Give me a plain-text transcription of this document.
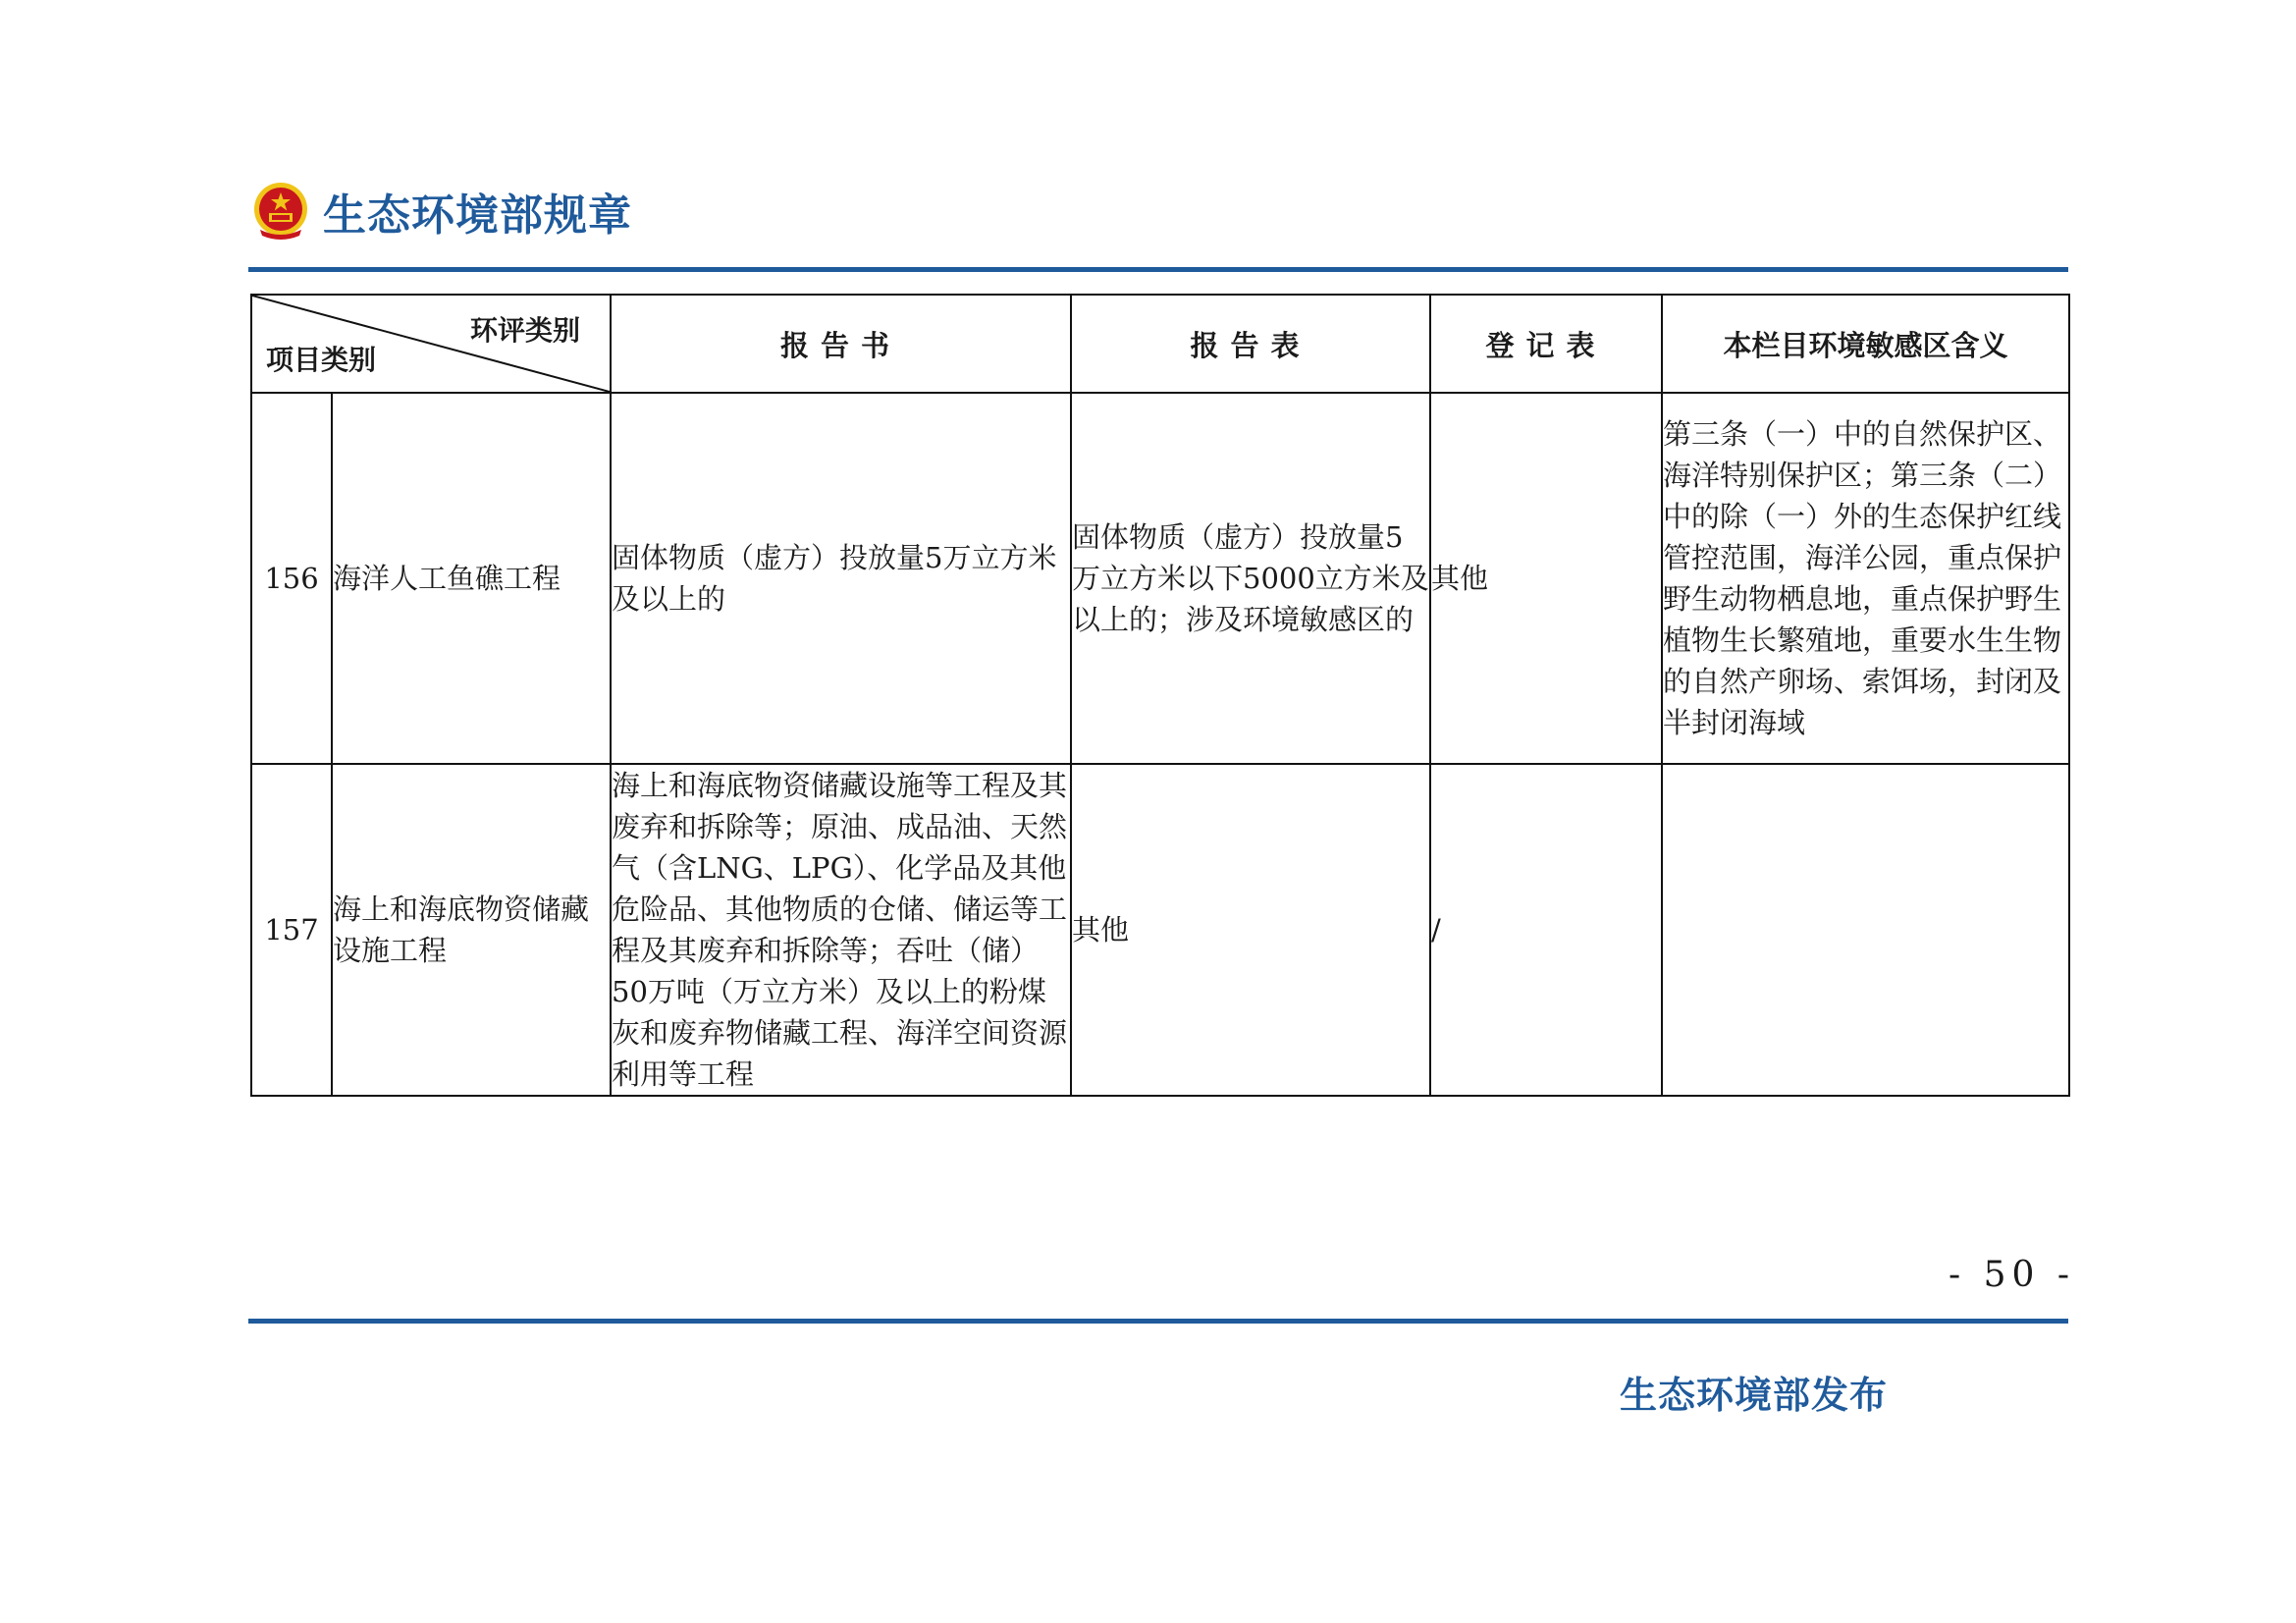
生态环境部规章
环评类别
项目类别		报告书	报告表	登记表	本栏目环境敏感区含义
156	海洋人工鱼礁工程	固体物质（虚方）投放量5万立方米及以上的	固体物质（虚方）投放量5万立方米以下5000立方米及以上的；涉及环境敏感区的	其他	第三条（一）中的自然保护区、海洋特别保护区；第三条（二）中的除（一）外的生态保护红线管控范围，海洋公园，重点保护野生动物栖息地，重点保护野生植物生长繁殖地，重要水生生物的自然产卵场、索饵场，封闭及半封闭海域
157	海上和海底物资储藏设施工程	海上和海底物资储藏设施等工程及其废弃和拆除等；原油、成品油、天然气（含LNG、LPG）、化学品及其他危险品、其他物质的仓储、储运等工程及其废弃和拆除等；吞吐（储）50万吨（万立方米）及以上的粉煤灰和废弃物储藏工程、海洋空间资源利用等工程	其他	/	
- 50 -
生态环境部发布
